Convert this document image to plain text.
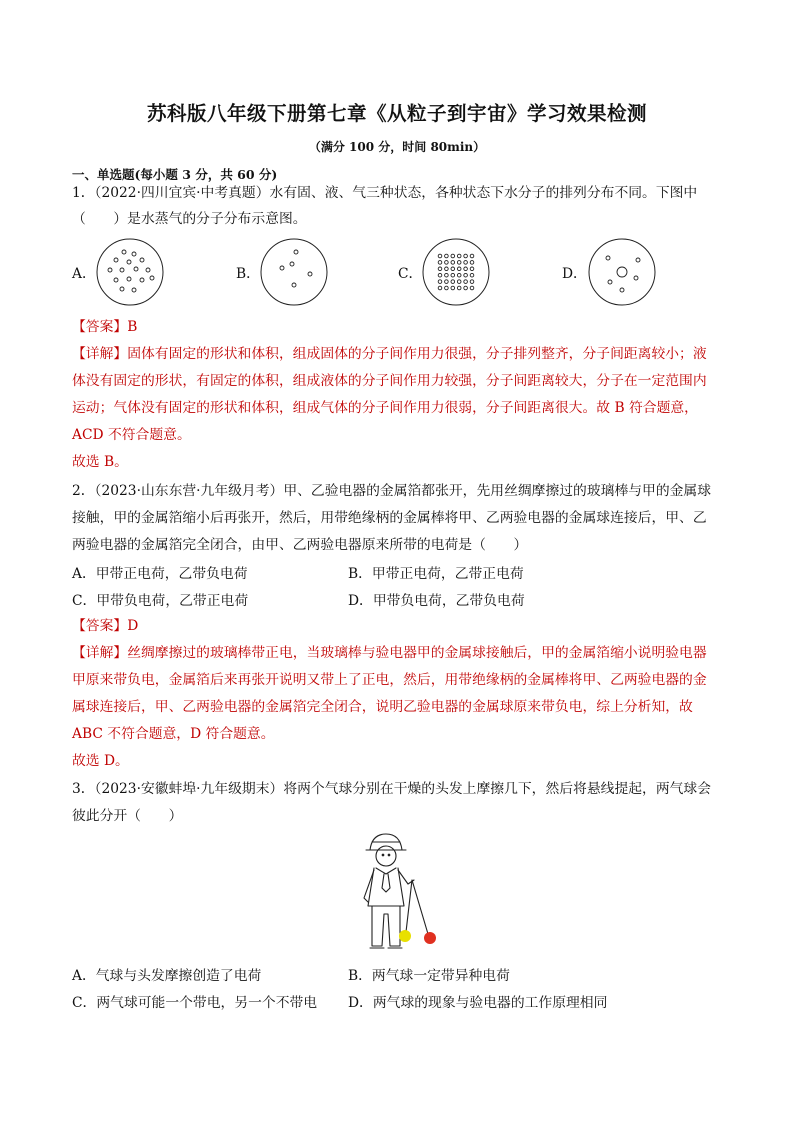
苏科版八年级下册第七章《从粒子到宇宙》学习效果检测
（满分 100 分，时间 80min）
一、单选题(每小题 3 分，共 60 分)
1．（2022·四川宜宾·中考真题）水有固、液、气三种状态，各种状态下水分子的排列分布不同。下图中
（　　）是水蒸气的分子分布示意图。
A．	B．	C．	D．
【答案】B
【详解】固体有固定的形状和体积，组成固体的分子间作用力很强，分子排列整齐，分子间距离较小；液
体没有固定的形状，有固定的体积，组成液体的分子间作用力较强，分子间距离较大，分子在一定范围内
运动；气体没有固定的形状和体积，组成气体的分子间作用力很弱，分子间距离很大。故 B 符合题意，
ACD 不符合题意。
故选 B。
2．（2023·山东东营·九年级月考）甲、乙验电器的金属箔都张开，先用丝绸摩擦过的玻璃棒与甲的金属球
接触，甲的金属箔缩小后再张开，然后，用带绝缘柄的金属棒将甲、乙两验电器的金属球连接后，甲、乙
两验电器的金属箔完全闭合，由甲、乙两验电器原来所带的电荷是（　　）
A．甲带正电荷，乙带负电荷	B．甲带正电荷，乙带正电荷
C．甲带负电荷，乙带正电荷	D．甲带负电荷，乙带负电荷
【答案】D
【详解】丝绸摩擦过的玻璃棒带正电，当玻璃棒与验电器甲的金属球接触后，甲的金属箔缩小说明验电器
甲原来带负电，金属箔后来再张开说明又带上了正电，然后，用带绝缘柄的金属棒将甲、乙两验电器的金
属球连接后，甲、乙两验电器的金属箔完全闭合，说明乙验电器的金属球原来带负电，综上分析知，故
ABC 不符合题意，D 符合题意。
故选 D。
3．（2023·安徽蚌埠·九年级期末）将两个气球分别在干燥的头发上摩擦几下，然后将悬线提起，两气球会
彼此分开（　　）
A．气球与头发摩擦创造了电荷	B．两气球一定带异种电荷
C．两气球可能一个带电，另一个不带电 D．两气球的现象与验电器的工作原理相同
